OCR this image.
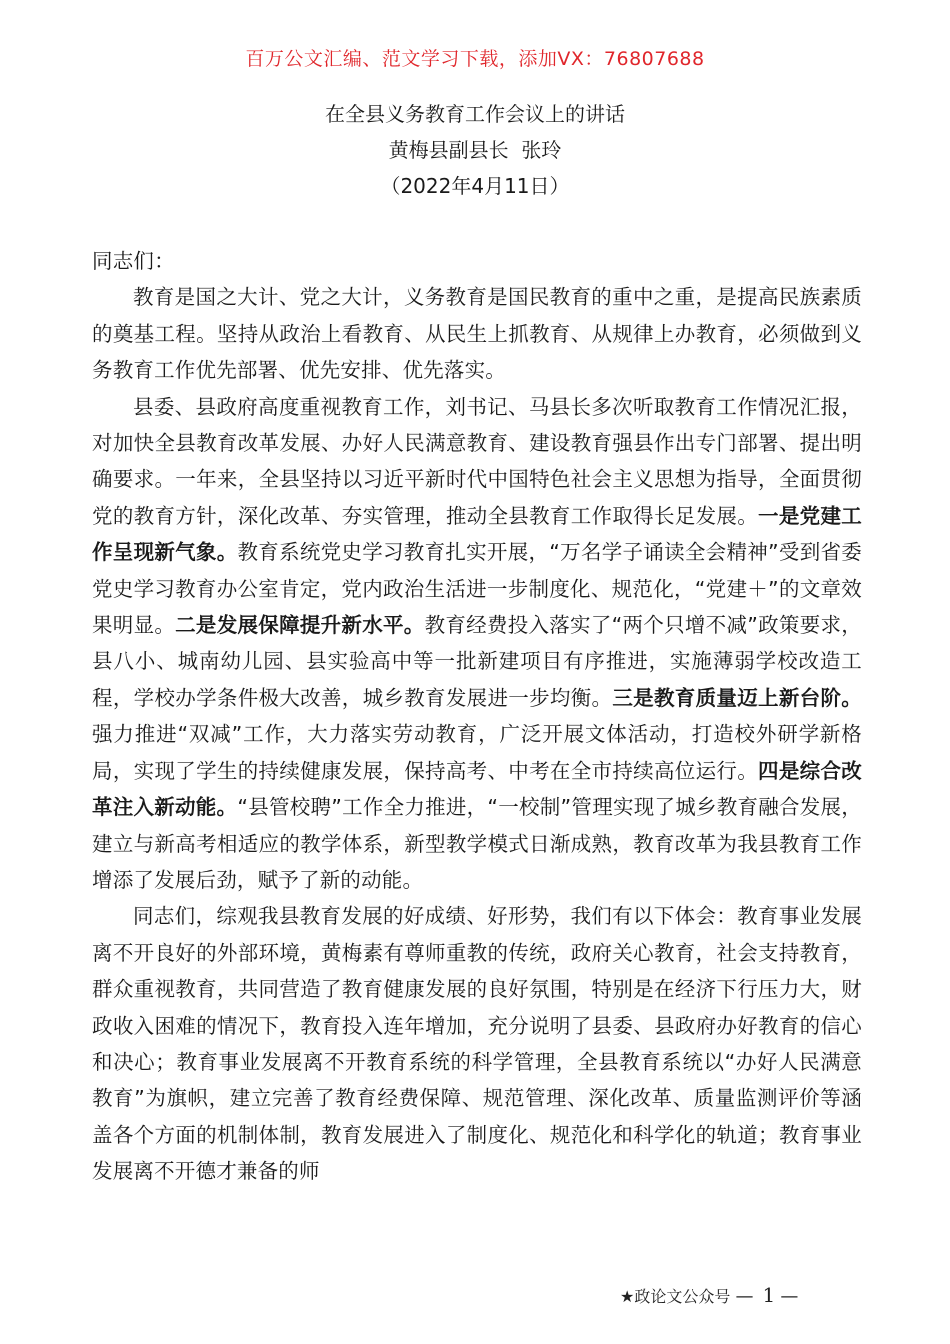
百万公文汇编、范文学习下载，添加VX：76807688
在全县义务教育工作会议上的讲话
黄梅县副县长  张玲
（2022年4月11日）

同志们：

教育是国之大计、党之大计，义务教育是国民教育的重中之重，是提高民族素质的奠基工程。坚持从政治上看教育、从民生上抓教育、从规律上办教育，必须做到义务教育工作优先部署、优先安排、优先落实。

县委、县政府高度重视教育工作，刘书记、马县长多次听取教育工作情况汇报，对加快全县教育改革发展、办好人民满意教育、建设教育强县作出专门部署、提出明确要求。一年来，全县坚持以习近平新时代中国特色社会主义思想为指导，全面贯彻党的教育方针，深化改革、夯实管理，推动全县教育工作取得长足发展。一是党建工作呈现新气象。教育系统党史学习教育扎实开展，“万名学子诵读全会精神”受到省委党史学习教育办公室肯定，党内政治生活进一步制度化、规范化，“党建＋”的文章效果明显。二是发展保障提升新水平。教育经费投入落实了“两个只增不减”政策要求，县八小、城南幼儿园、县实验高中等一批新建项目有序推进，实施薄弱学校改造工程，学校办学条件极大改善，城乡教育发展进一步均衡。三是教育质量迈上新台阶。强力推进“双减”工作，大力落实劳动教育，广泛开展文体活动，打造校外研学新格局，实现了学生的持续健康发展，保持高考、中考在全市持续高位运行。四是综合改革注入新动能。“县管校聘”工作全力推进，“一校制”管理实现了城乡教育融合发展，建立与新高考相适应的教学体系，新型教学模式日渐成熟，教育改革为我县教育工作增添了发展后劲，赋予了新的动能。

同志们，综观我县教育发展的好成绩、好形势，我们有以下体会：教育事业发展离不开良好的外部环境，黄梅素有尊师重教的传统，政府关心教育，社会支持教育，群众重视教育，共同营造了教育健康发展的良好氛围，特别是在经济下行压力大，财政收入困难的情况下，教育投入连年增加，充分说明了县委、县政府办好教育的信心和决心；教育事业发展离不开教育系统的科学管理，全县教育系统以“办好人民满意教育”为旗帜，建立完善了教育经费保障、规范管理、深化改革、质量监测评价等涵盖各个方面的机制体制，教育发展进入了制度化、规范化和科学化的轨道；教育事业发展离不开德才兼备的师

★政论文公众号 — 1 —
